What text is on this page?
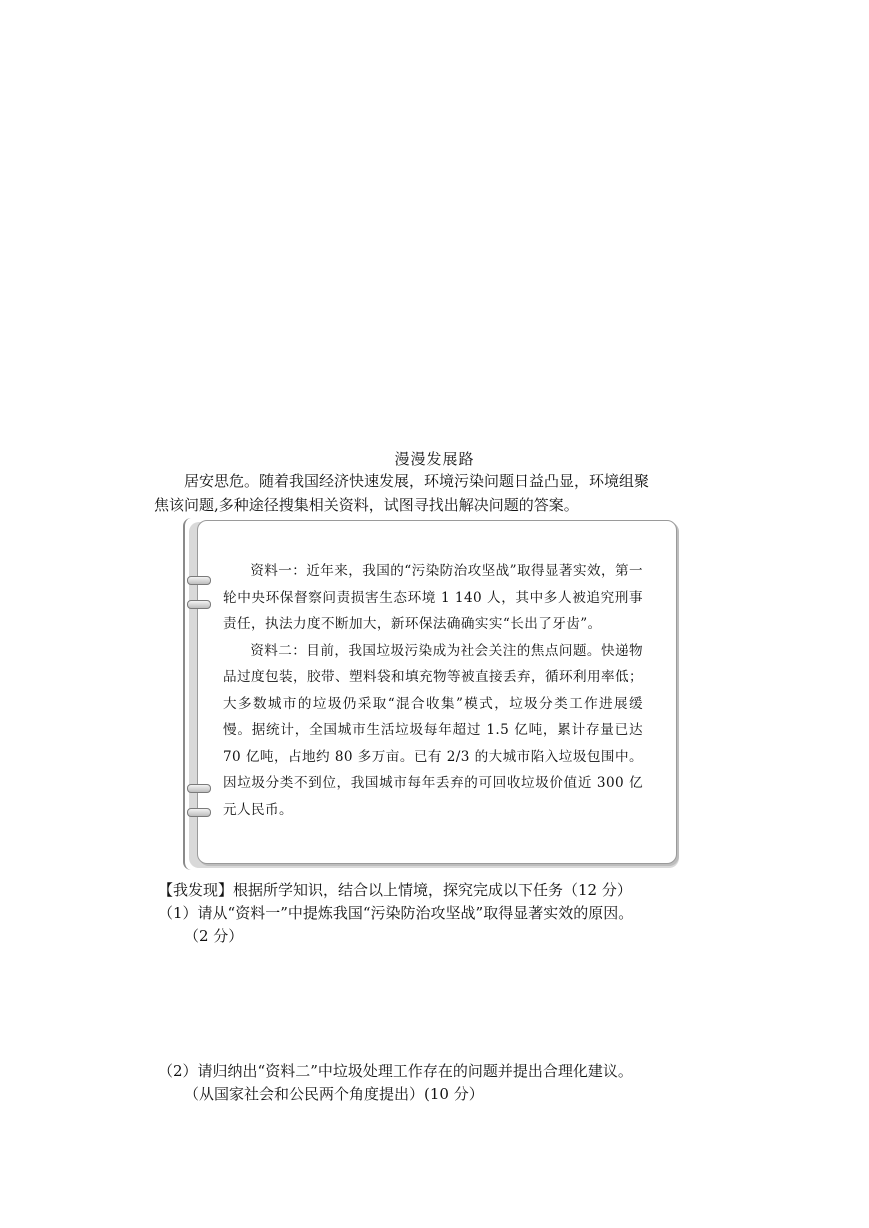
漫漫发展路
居安思危。随着我国经济快速发展，环境污染问题日益凸显，环境组聚
焦该问题,多种途径搜集相关资料，试图寻找出解决问题的答案。

资料一：近年来，我国的“污染防治攻坚战”取得显著实效，第一轮中央环保督察问责损害生态环境 1 140 人，其中多人被追究刑事责任，执法力度不断加大，新环保法确确实实“长出了牙齿”。

资料二：目前，我国垃圾污染成为社会关注的焦点问题。快递物品过度包装，胶带、塑料袋和填充物等被直接丢弃，循环利用率低；大多数城市的垃圾仍采取“混合收集”模式，垃圾分类工作进展缓慢。据统计，全国城市生活垃圾每年超过 1.5 亿吨，累计存量已达 70 亿吨，占地约 80 多万亩。已有 2/3 的大城市陷入垃圾包围中。因垃圾分类不到位，我国城市每年丢弃的可回收垃圾价值近 300 亿元人民币。

【我发现】根据所学知识，结合以上情境，探究完成以下任务（12 分）
（1）请从“资料一”中提炼我国“污染防治攻坚战”取得显著实效的原因。
（2 分）
（2）请归纳出“资料二”中垃圾处理工作存在的问题并提出合理化建议。
（从国家社会和公民两个角度提出）(10 分）
